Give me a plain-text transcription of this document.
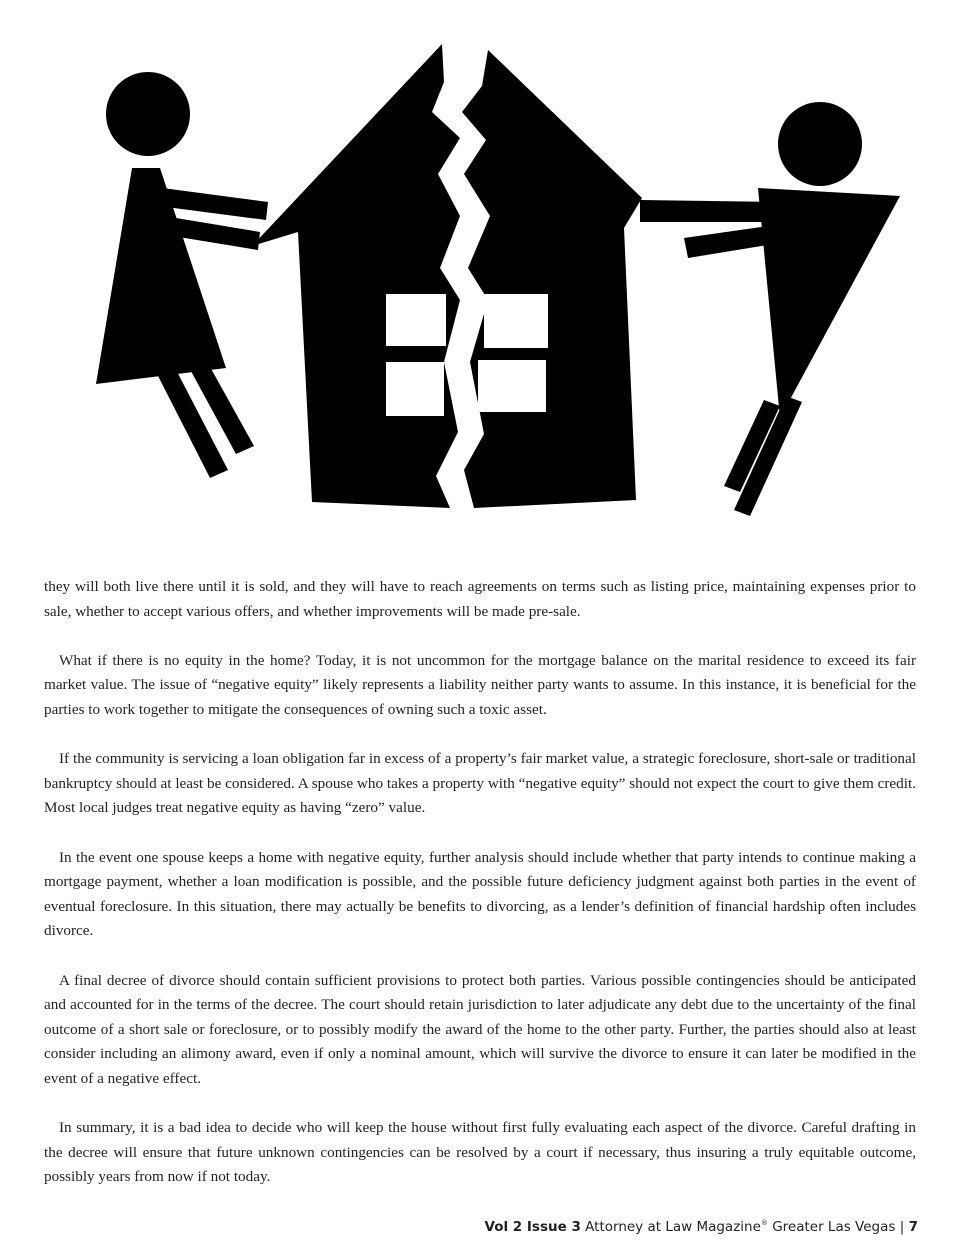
they will both live there until it is sold, and they will have to reach agreements on terms such as listing price, maintaining expenses prior to sale, whether to accept various offers, and whether improvements will be made pre-sale.

What if there is no equity in the home? Today, it is not uncommon for the mortgage balance on the marital residence to exceed its fair market value. The issue of “negative equity” likely represents a liability neither party wants to assume. In this instance, it is beneficial for the parties to work together to mitigate the consequences of owning such a toxic asset.

If the community is servicing a loan obligation far in excess of a property’s fair market value, a strategic foreclosure, short-sale or traditional bankruptcy should at least be considered. A spouse who takes a property with “negative equity” should not expect the court to give them credit. Most local judges treat negative equity as having “zero” value.

In the event one spouse keeps a home with negative equity, further analysis should include whether that party intends to continue making a mortgage payment, whether a loan modification is possible, and the possible future deficiency judgment against both parties in the event of eventual foreclosure. In this situation, there may actually be benefits to divorcing, as a lender’s definition of financial hardship often includes divorce.

A final decree of divorce should contain sufficient provisions to protect both parties. Various possible contingencies should be anticipated and accounted for in the terms of the decree. The court should retain jurisdiction to later adjudicate any debt due to the uncertainty of the final outcome of a short sale or foreclosure, or to possibly modify the award of the home to the other party. Further, the parties should also at least consider including an alimony award, even if only a nominal amount, which will survive the divorce to ensure it can later be modified in the event of a negative effect.

In summary, it is a bad idea to decide who will keep the house without first fully evaluating each aspect of the divorce. Careful drafting in the decree will ensure that future unknown contingencies can be resolved by a court if necessary, thus insuring a truly equitable outcome, possibly years from now if not today.

Vol 2 Issue 3 Attorney at Law Magazine® Greater Las Vegas | 7
